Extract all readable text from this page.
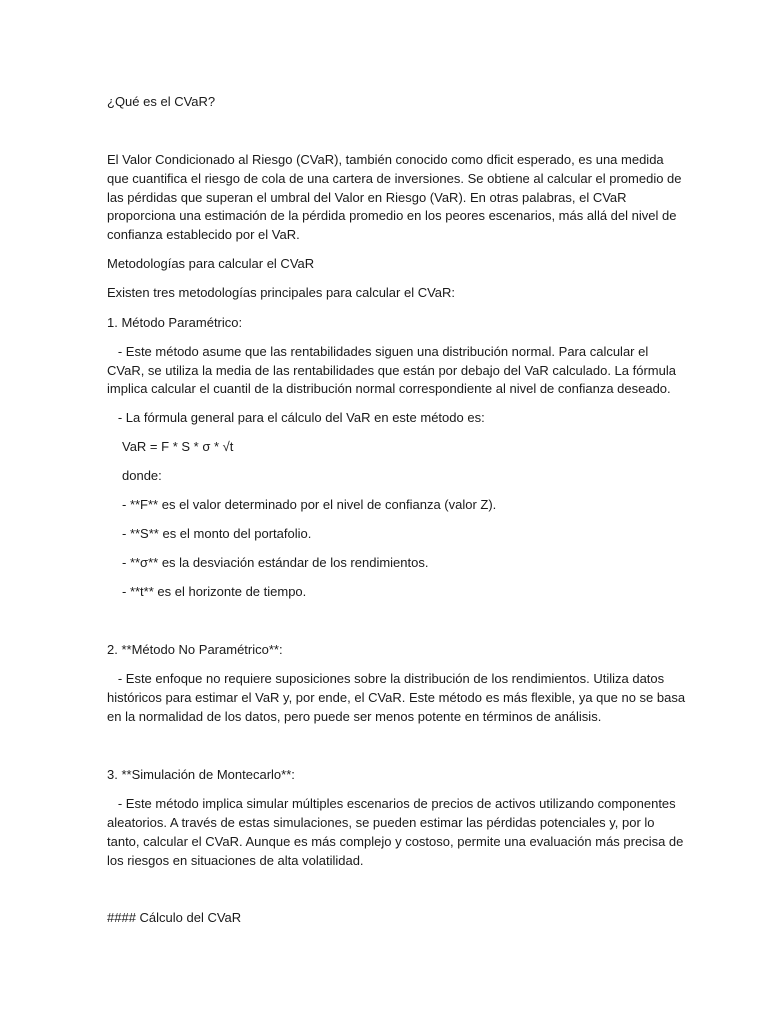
¿Qué es el CVaR?

El Valor Condicionado al Riesgo (CVaR), también conocido como dficit esperado, es una medida

que cuantifica el riesgo de cola de una cartera de inversiones. Se obtiene al calcular el promedio de

las pérdidas que superan el umbral del Valor en Riesgo (VaR). En otras palabras, el CVaR

proporciona una estimación de la pérdida promedio en los peores escenarios, más allá del nivel de

confianza establecido por el VaR.

Metodologías para calcular el CVaR

Existen tres metodologías principales para calcular el CVaR:

1. Método Paramétrico:

- Este método asume que las rentabilidades siguen una distribución normal. Para calcular el

CVaR, se utiliza la media de las rentabilidades que están por debajo del VaR calculado. La fórmula

implica calcular el cuantil de la distribución normal correspondiente al nivel de confianza deseado.

- La fórmula general para el cálculo del VaR en este método es:

VaR = F * S * σ * √t

donde:

- **F** es el valor determinado por el nivel de confianza (valor Z).

- **S** es el monto del portafolio.

- **σ** es la desviación estándar de los rendimientos.

- **t** es el horizonte de tiempo.

2. **Método No Paramétrico**:

- Este enfoque no requiere suposiciones sobre la distribución de los rendimientos. Utiliza datos

históricos para estimar el VaR y, por ende, el CVaR. Este método es más flexible, ya que no se basa

en la normalidad de los datos, pero puede ser menos potente en términos de análisis.

3. **Simulación de Montecarlo**:

- Este método implica simular múltiples escenarios de precios de activos utilizando componentes

aleatorios. A través de estas simulaciones, se pueden estimar las pérdidas potenciales y, por lo

tanto, calcular el CVaR. Aunque es más complejo y costoso, permite una evaluación más precisa de

los riesgos en situaciones de alta volatilidad.

#### Cálculo del CVaR
